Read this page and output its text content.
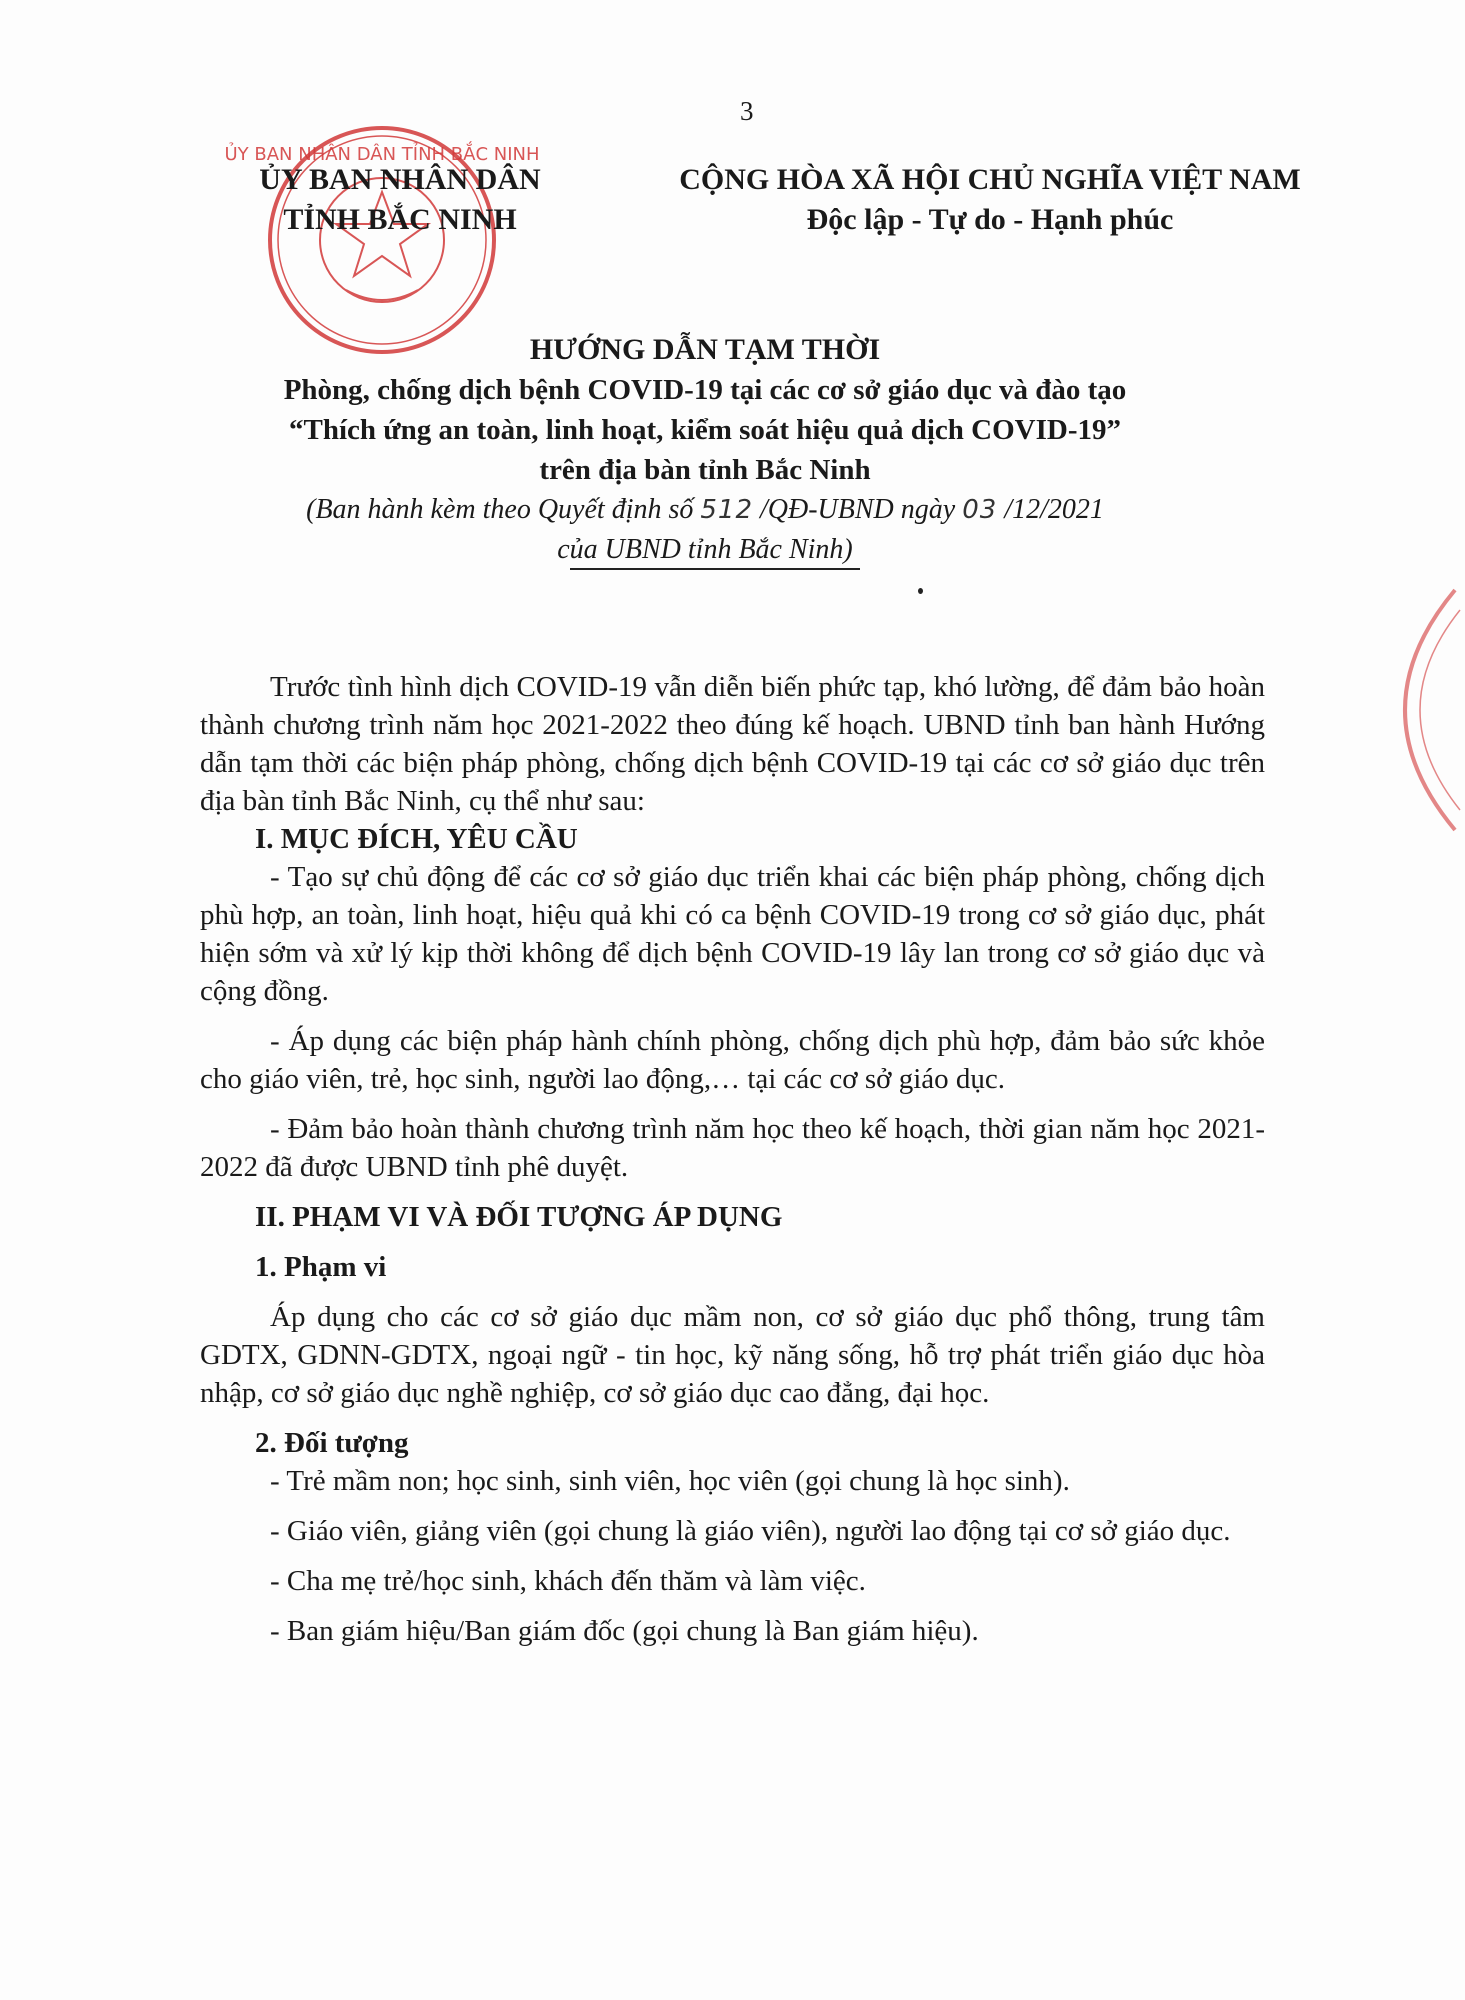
3
ỦY BAN NHÂN DÂN TỈNH BẮC NINH
ỦY BAN NHÂN DÂN
TỈNH BẮC NINH
CỘNG HÒA XÃ HỘI CHỦ NGHĨA VIỆT NAM
Độc lập - Tự do - Hạnh phúc
HƯỚNG DẪN TẠM THỜI
Phòng, chống dịch bệnh COVID-19 tại các cơ sở giáo dục và đào tạo
“Thích ứng an toàn, linh hoạt, kiểm soát hiệu quả dịch COVID-19”
trên địa bàn tỉnh Bắc Ninh
(Ban hành kèm theo Quyết định số 512 /QĐ-UBND ngày 03 /12/2021
của UBND tỉnh Bắc Ninh)

Trước tình hình dịch COVID-19 vẫn diễn biến phức tạp, khó lường, để đảm bảo hoàn thành chương trình năm học 2021-2022 theo đúng kế hoạch. UBND tỉnh ban hành Hướng dẫn tạm thời các biện pháp phòng, chống dịch bệnh COVID-19 tại các cơ sở giáo dục trên địa bàn tỉnh Bắc Ninh, cụ thể như sau:

I. MỤC ĐÍCH, YÊU CẦU

- Tạo sự chủ động để các cơ sở giáo dục triển khai các biện pháp phòng, chống dịch phù hợp, an toàn, linh hoạt, hiệu quả khi có ca bệnh COVID-19 trong cơ sở giáo dục, phát hiện sớm và xử lý kịp thời không để dịch bệnh COVID-19 lây lan trong cơ sở giáo dục và cộng đồng.

- Áp dụng các biện pháp hành chính phòng, chống dịch phù hợp, đảm bảo sức khỏe cho giáo viên, trẻ, học sinh, người lao động,… tại các cơ sở giáo dục.

- Đảm bảo hoàn thành chương trình năm học theo kế hoạch, thời gian năm học 2021-2022 đã được UBND tỉnh phê duyệt.

II. PHẠM VI VÀ ĐỐI TƯỢNG ÁP DỤNG

1. Phạm vi

Áp dụng cho các cơ sở giáo dục mầm non, cơ sở giáo dục phổ thông, trung tâm GDTX, GDNN-GDTX, ngoại ngữ - tin học, kỹ năng sống, hỗ trợ phát triển giáo dục hòa nhập, cơ sở giáo dục nghề nghiệp, cơ sở giáo dục cao đẳng, đại học.

2. Đối tượng

- Trẻ mầm non; học sinh, sinh viên, học viên (gọi chung là học sinh).

- Giáo viên, giảng viên (gọi chung là giáo viên), người lao động tại cơ sở giáo dục.

- Cha mẹ trẻ/học sinh, khách đến thăm và làm việc.

- Ban giám hiệu/Ban giám đốc (gọi chung là Ban giám hiệu).
